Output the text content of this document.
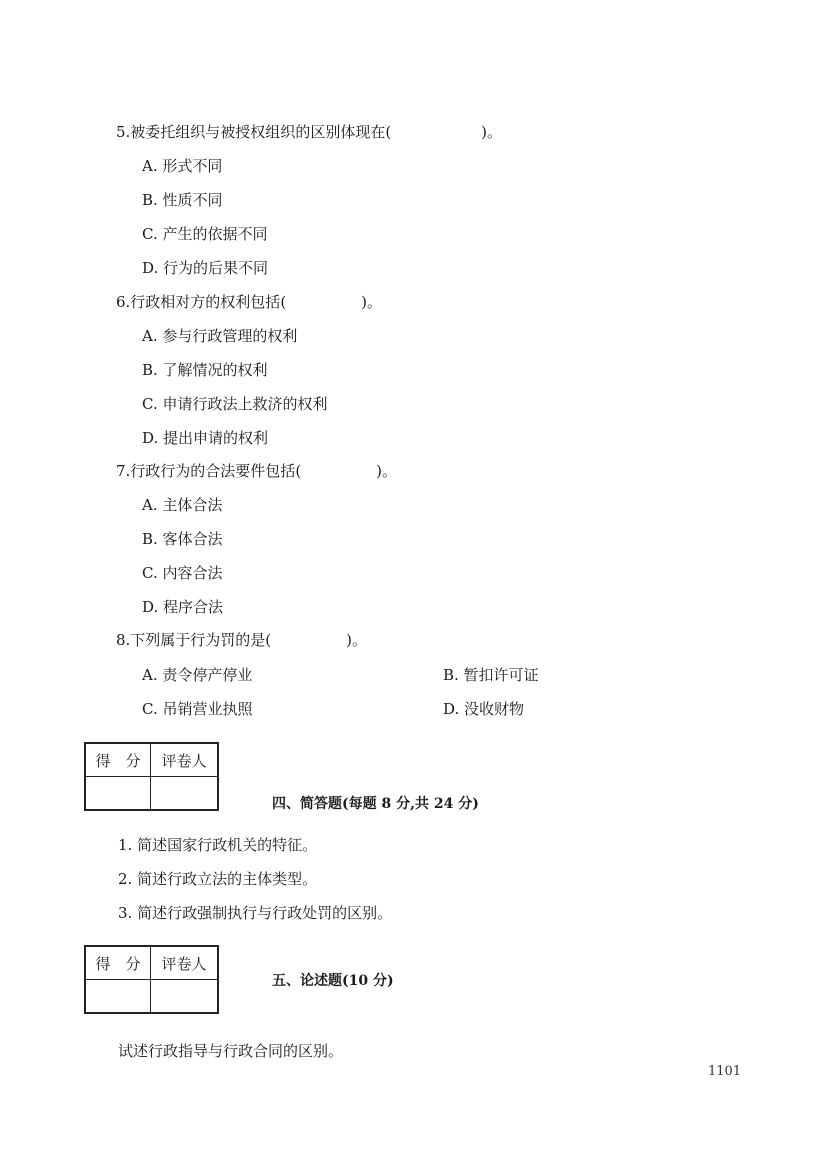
5.被委托组织与被授权组织的区别体现在(　　　　　　)。
A. 形式不同
B. 性质不同
C. 产生的依据不同
D. 行为的后果不同
6.行政相对方的权利包括(　　　　　)。
A. 参与行政管理的权利
B. 了解情况的权利
C. 申请行政法上救济的权利
D. 提出申请的权利
7.行政行为的合法要件包括(　　　　　)。
A. 主体合法
B. 客体合法
C. 内容合法
D. 程序合法
8.下列属于行为罚的是(　　　　　)。
A. 责令停产停业	B. 暂扣许可证
C. 吊销营业执照	D. 没收财物
得　分	评卷人

四、简答题(每题 8 分,共 24 分)
1. 简述国家行政机关的特征。
2. 简述行政立法的主体类型。
3. 简述行政强制执行与行政处罚的区别。
得　分	评卷人

五、论述题(10 分)
试述行政指导与行政合同的区别。
1101
